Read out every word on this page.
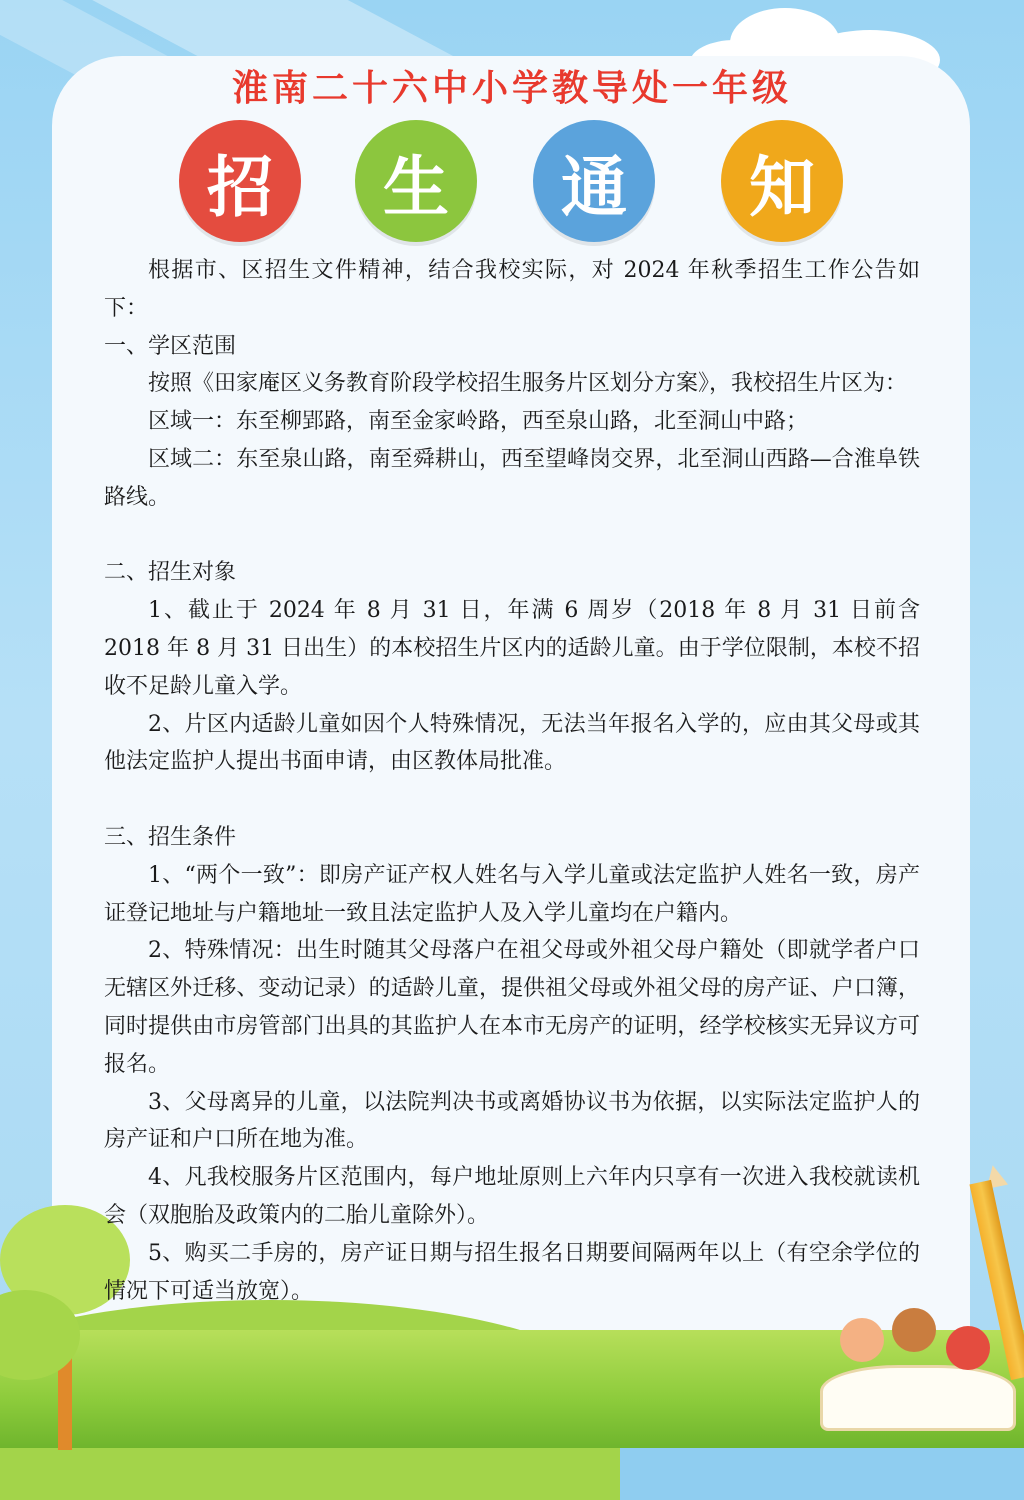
淮南二十六中小学教导处一年级
招	生	通	知

根据市、区招生文件精神，结合我校实际，对 2024 年秋季招生工作公告如下：

一、学区范围

按照《田家庵区义务教育阶段学校招生服务片区划分方案》，我校招生片区为：

区域一：东至柳郢路，南至金家岭路，西至泉山路，北至洞山中路；

区域二：东至泉山路，南至舜耕山，西至望峰岗交界，北至洞山西路—合淮阜铁路线。

二、招生对象

1、截止于 2024 年 8 月 31 日，年满 6 周岁（2018 年 8 月 31 日前含 2018 年 8 月 31 日出生）的本校招生片区内的适龄儿童。由于学位限制，本校不招收不足龄儿童入学。

2、片区内适龄儿童如因个人特殊情况，无法当年报名入学的，应由其父母或其他法定监护人提出书面申请，由区教体局批准。

三、招生条件

1、“两个一致”：即房产证产权人姓名与入学儿童或法定监护人姓名一致，房产证登记地址与户籍地址一致且法定监护人及入学儿童均在户籍内。

2、特殊情况：出生时随其父母落户在祖父母或外祖父母户籍处（即就学者户口无辖区外迁移、变动记录）的适龄儿童，提供祖父母或外祖父母的房产证、户口簿，同时提供由市房管部门出具的其监护人在本市无房产的证明，经学校核实无异议方可报名。

3、父母离异的儿童，以法院判决书或离婚协议书为依据，以实际法定监护人的房产证和户口所在地为准。

4、凡我校服务片区范围内，每户地址原则上六年内只享有一次进入我校就读机会（双胞胎及政策内的二胎儿童除外）。

5、购买二手房的，房产证日期与招生报名日期要间隔两年以上（有空余学位的情况下可适当放宽）。
